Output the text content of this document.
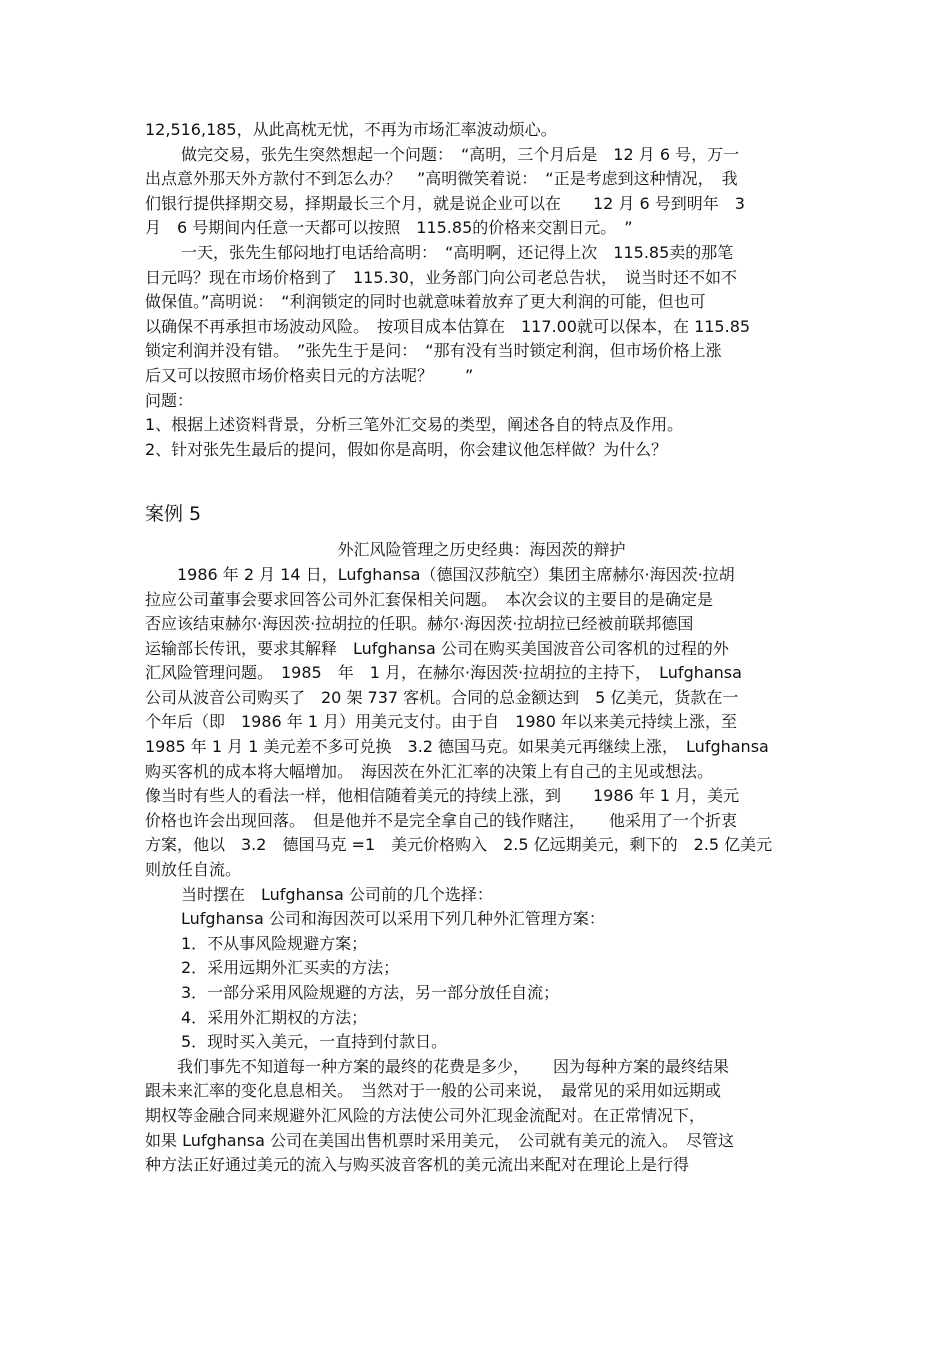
12,516,185，从此高枕无忧，不再为市场汇率波动烦心。
做完交易，张先生突然想起一个问题：　“高明，三个月后是　12 月 6 号，万一
出点意外那天外方款付不到怎么办？　”高明微笑着说：　“正是考虑到这种情况，　我
们银行提供择期交易，择期最长三个月，就是说企业可以在　　12 月 6 号到明年　3
月　6 号期间内任意一天都可以按照　115.85的价格来交割日元。　”
一天，张先生郁闷地打电话给高明：　“高明啊，还记得上次　115.85卖的那笔
日元吗？现在市场价格到了　115.30，业务部门向公司老总告状，　说当时还不如不
做保值。”高明说：　“利润锁定的同时也就意味着放弃了更大利润的可能，但也可
以确保不再承担市场波动风险。　按项目成本估算在　117.00就可以保本，在 115.85
锁定利润并没有错。　”张先生于是问：　“那有没有当时锁定利润，但市场价格上涨
后又可以按照市场价格卖日元的方法呢？　　”
问题：
1、根据上述资料背景，分析三笔外汇交易的类型，阐述各自的特点及作用。
2、针对张先生最后的提问，假如你是高明，你会建议他怎样做？为什么？
案例 5
外汇风险管理之历史经典：海因茨的辩护
1986 年 2 月 14 日，Lufghansa（德国汉莎航空）集团主席赫尔·海因茨·拉胡
拉应公司董事会要求回答公司外汇套保相关问题。　本次会议的主要目的是确定是
否应该结束赫尔·海因茨·拉胡拉的任职。赫尔·海因茨·拉胡拉已经被前联邦德国
运输部长传讯，要求其解释　Lufghansa 公司在购买美国波音公司客机的过程的外
汇风险管理问题。　1985　年　1 月，在赫尔·海因茨·拉胡拉的主持下，　Lufghansa
公司从波音公司购买了　20 架 737 客机。合同的总金额达到　5 亿美元，货款在一
个年后（即　1986 年 1 月）用美元支付。由于自　1980 年以来美元持续上涨，至
1985 年 1 月 1 美元差不多可兑换　3.2 德国马克。如果美元再继续上涨，　Lufghansa
购买客机的成本将大幅增加。　海因茨在外汇汇率的决策上有自己的主见或想法。
像当时有些人的看法一样，他相信随着美元的持续上涨，到　　1986 年 1 月，美元
价格也许会出现回落。　但是他并不是完全拿自己的钱作赌注，　　他采用了一个折衷
方案，他以　3.2　德国马克 =1　美元价格购入　2.5 亿远期美元，剩下的　2.5 亿美元
则放任自流。
当时摆在　Lufghansa 公司前的几个选择：
Lufghansa 公司和海因茨可以采用下列几种外汇管理方案：
1．不从事风险规避方案；
2．采用远期外汇买卖的方法；
3．一部分采用风险规避的方法，另一部分放任自流；
4．采用外汇期权的方法；
5．现时买入美元，一直持到付款日。
我们事先不知道每一种方案的最终的花费是多少，　　因为每种方案的最终结果
跟未来汇率的变化息息相关。　当然对于一般的公司来说，　最常见的采用如远期或
期权等金融合同来规避外汇风险的方法使公司外汇现金流配对。在正常情况下，
如果 Lufghansa 公司在美国出售机票时采用美元，　公司就有美元的流入。　尽管这
种方法正好通过美元的流入与购买波音客机的美元流出来配对在理论上是行得
